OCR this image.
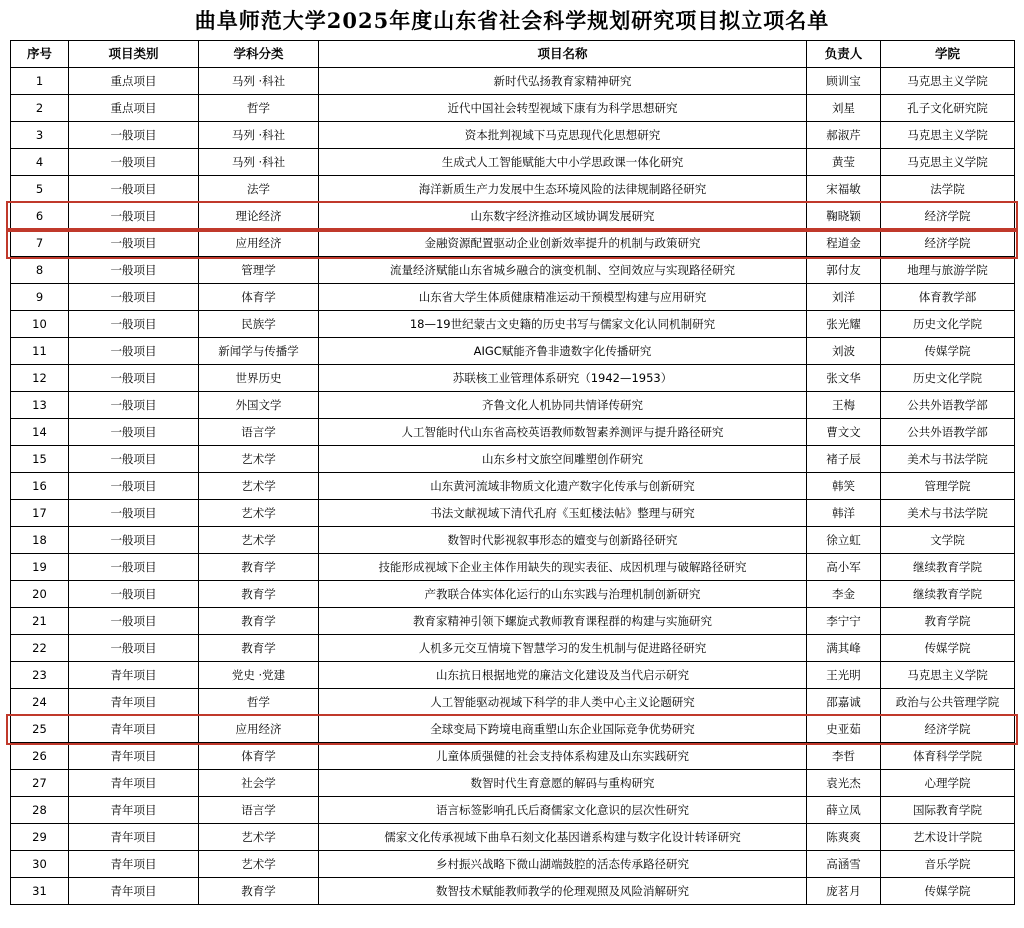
曲阜师范大学2025年度山东省社会科学规划研究项目拟立项名单
序号	项目类别	学科分类	项目名称	负责人	学院
1	重点项目	马列 ·科社	新时代弘扬教育家精神研究	顾训宝	马克思主义学院
2	重点项目	哲学	近代中国社会转型视域下康有为科学思想研究	刘星	孔子文化研究院
3	一般项目	马列 ·科社	资本批判视域下马克思现代化思想研究	郝淑芹	马克思主义学院
4	一般项目	马列 ·科社	生成式人工智能赋能大中小学思政课一体化研究	黄莹	马克思主义学院
5	一般项目	法学	海洋新质生产力发展中生态环境风险的法律规制路径研究	宋福敏	法学院
6	一般项目	理论经济	山东数字经济推动区域协调发展研究	鞠晓颖	经济学院
7	一般项目	应用经济	金融资源配置驱动企业创新效率提升的机制与政策研究	程道金	经济学院
8	一般项目	管理学	流量经济赋能山东省城乡融合的演变机制、空间效应与实现路径研究	郭付友	地理与旅游学院
9	一般项目	体育学	山东省大学生体质健康精准运动干预模型构建与应用研究	刘洋	体育教学部
10	一般项目	民族学	18—19世纪蒙古文史籍的历史书写与儒家文化认同机制研究	张光耀	历史文化学院
11	一般项目	新闻学与传播学	AIGC赋能齐鲁非遗数字化传播研究	刘波	传媒学院
12	一般项目	世界历史	苏联核工业管理体系研究（1942—1953）	张文华	历史文化学院
13	一般项目	外国文学	齐鲁文化人机协同共情译传研究	王梅	公共外语教学部
14	一般项目	语言学	人工智能时代山东省高校英语教师数智素养测评与提升路径研究	曹文文	公共外语教学部
15	一般项目	艺术学	山东乡村文旅空间雕塑创作研究	褚子辰	美术与书法学院
16	一般项目	艺术学	山东黄河流域非物质文化遗产数字化传承与创新研究	韩笑	管理学院
17	一般项目	艺术学	书法文献视域下清代孔府《玉虹楼法帖》整理与研究	韩洋	美术与书法学院
18	一般项目	艺术学	数智时代影视叙事形态的嬗变与创新路径研究	徐立虹	文学院
19	一般项目	教育学	技能形成视域下企业主体作用缺失的现实表征、成因机理与破解路径研究	高小军	继续教育学院
20	一般项目	教育学	产教联合体实体化运行的山东实践与治理机制创新研究	李金	继续教育学院
21	一般项目	教育学	教育家精神引领下螺旋式教师教育课程群的构建与实施研究	李宁宁	教育学院
22	一般项目	教育学	人机多元交互情境下智慧学习的发生机制与促进路径研究	满其峰	传媒学院
23	青年项目	党史 ·党建	山东抗日根据地党的廉洁文化建设及当代启示研究	王光明	马克思主义学院
24	青年项目	哲学	人工智能驱动视域下科学的非人类中心主义论题研究	邵嘉诚	政治与公共管理学院
25	青年项目	应用经济	全球变局下跨境电商重塑山东企业国际竞争优势研究	史亚茹	经济学院
26	青年项目	体育学	儿童体质强健的社会支持体系构建及山东实践研究	李哲	体育科学学院
27	青年项目	社会学	数智时代生育意愿的解码与重构研究	袁光杰	心理学院
28	青年项目	语言学	语言标签影响孔氏后裔儒家文化意识的层次性研究	薛立凤	国际教育学院
29	青年项目	艺术学	儒家文化传承视域下曲阜石刻文化基因谱系构建与数字化设计转译研究	陈爽爽	艺术设计学院
30	青年项目	艺术学	乡村振兴战略下微山湖端鼓腔的活态传承路径研究	高涵雪	音乐学院
31	青年项目	教育学	数智技术赋能教师教学的伦理观照及风险消解研究	庞茗月	传媒学院
